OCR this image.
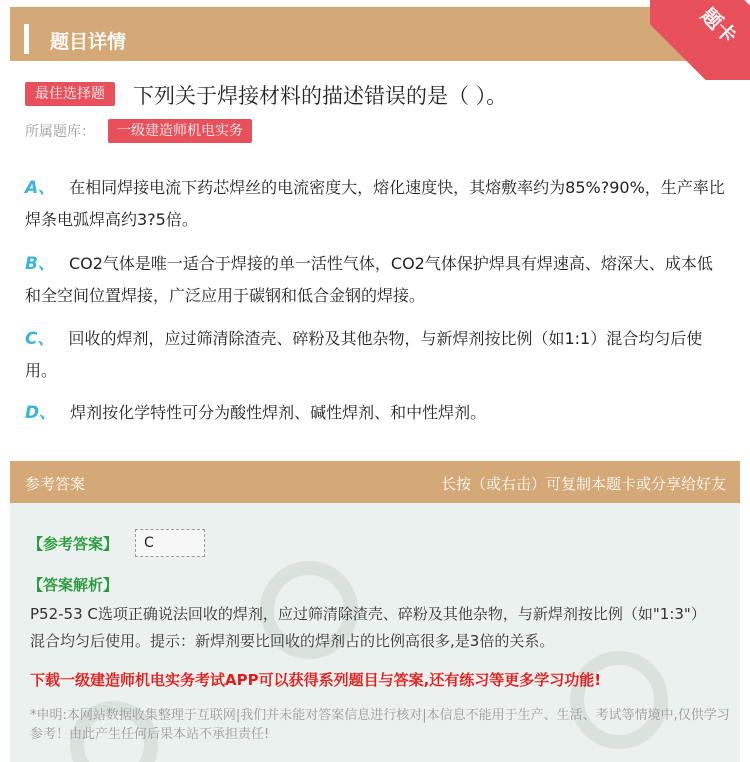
题目详情	题卡
最佳选择题	下列关于焊接材料的描述错误的是（ ）。
所属题库：	一级建造师机电实务
A、 在相同焊接电流下药芯焊丝的电流密度大，熔化速度快，其熔敷率约为85%?90%，生产率比焊条电弧焊高约3?5倍。
B、 CO2气体是唯一适合于焊接的单一活性气体，CO2气体保护焊具有焊速高、熔深大、成本低和全空间位置焊接，广泛应用于碳钢和低合金钢的焊接。
C、 回收的焊剂，应过筛清除渣壳、碎粉及其他杂物，与新焊剂按比例（如1:1）混合均匀后使用。
D、 焊剂按化学特性可分为酸性焊剂、碱性焊剂、和中性焊剂。
参考答案	长按（或右击）可复制本题卡或分享给好友
【参考答案】	C
【答案解析】
P52-53 C选项正确说法回收的焊剂，应过筛清除渣壳、碎粉及其他杂物，与新焊剂按比例（如"1:3"）混合均匀后使用。提示：新焊剂要比回收的焊剂占的比例高很多,是3倍的关系。
下载一级建造师机电实务考试APP可以获得系列题目与答案,还有练习等更多学习功能!
*申明:本网站数据收集整理于互联网|我们并未能对答案信息进行核对|本信息不能用于生产、生活、考试等情境中,仅供学习参考！由此产生任何后果本站不承担责任!
